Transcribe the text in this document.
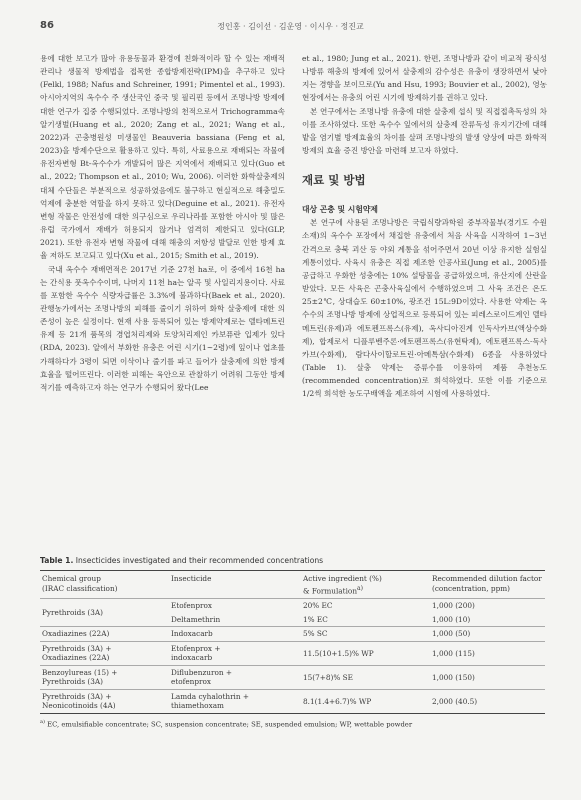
86	정인홍 · 김이선 · 김운영 · 이시우 · 정진교

용에 대한 보고가 많아 유용동물과 환경에 친화적이라 할 수 있는 재배적 관리나 생물적 방제법을 접목한 종합방제전략(IPM)을 추구하고 있다(Felkl, 1988; Nafus and Schreiner, 1991; Pimentel et al., 1993). 아시아지역의 옥수수 주 생산국인 중국 및 필리핀 등에서 조명나방 방제에 대한 연구가 집중 수행되었다. 조명나방의 천적으로서 Trichogramma속 알기생벌(Huang et al., 2020; Zang et al., 2021; Wang et al., 2022)과 곤충병원성 미생물인 Beauveria bassiana (Feng et al, 2023)을 방제수단으로 활용하고 있다. 특히, 사료용으로 재배되는 작물에 유전자변형 Bt-옥수수가 개발되어 많은 지역에서 재배되고 있다(Guo et al., 2022; Thompson et al., 2010; Wu, 2006). 이러한 화학살충제의 대체 수단들은 부분적으로 성공하였음에도 불구하고 현실적으로 해충밀도 억제에 충분한 역할을 하지 못하고 있다(Deguine et al., 2021). 유전자 변형 작물은 안전성에 대한 의구심으로 우리나라를 포함한 아시아 및 많은 유럽 국가에서 재배가 허용되지 않거나 엄격히 제한되고 있다(GLP, 2021). 또한 유전자 변형 작물에 대해 해충의 저항성 발달로 인한 방제 효율 저하도 보고되고 있다(Xu et al., 2015; Smith et al., 2019).

국내 옥수수 재배면적은 2017년 기준 27천 ha로, 이 중에서 16천 ha는 간식용 풋옥수수이며, 나머지 11천 ha는 알곡 및 사일리지용이다. 사료를 포함한 옥수수 식량자급률은 3.3%에 불과하다(Baek et al., 2020). 관행농가에서는 조명나방의 피해를 줄이기 위하여 화학 살충제에 대한 의존성이 높은 실정이다. 현재 사용 등록되어 있는 방제약제로는 델타메트린 유제 등 21개 품목의 경엽처리제와 토양처리제인 카보퓨란 입제가 있다(RDA, 2023). 알에서 부화한 유충은 어린 시기(1~2령)에 잎이나 엽초를 가해하다가 3령이 되면 이삭이나 줄기를 파고 들어가 살충제에 의한 방제 효율을 떨어뜨린다. 이러한 피해는 육안으로 관찰하기 어려워 그동안 방제 적기를 예측하고자 하는 연구가 수행되어 왔다(Lee

et al., 1980; Jung et al., 2021). 한편, 조명나방과 같이 비교적 광식성 나방류 해충의 방제에 있어서 살충제의 감수성은 유충이 생장하면서 낮아지는 경향을 보이므로(Yu and Hsu, 1993; Bouvier et al., 2002), 영농현장에서는 유충의 어린 시기에 방제하기를 권하고 있다.

본 연구에서는 조명나방 유충에 대한 살충제 섭식 및 직접접촉독성의 차이를 조사하였다. 또한 옥수수 잎에서의 살충제 잔류독성 유지기간에 대해 밭을 염기별 방제효율의 차이를 살펴 조명나방의 발생 양상에 따른 화학적 방제의 효율 증진 방안을 마련해 보고자 하였다.

재료 및 방법
대상 곤충 및 시험약제

본 연구에 사용된 조명나방은 국립식량과학원 중부작물부(경기도 수원 소재)의 옥수수 포장에서 채집한 유충에서 처음 사육을 시작하여 1~3년 간격으로 충북 괴산 등 야외 계통을 섞어주면서 20년 이상 유지한 실험실 계통이었다. 사육시 유충은 직접 제조한 인공사료(Jung et al., 2005)를 공급하고 우화한 성충에는 10% 설탕물을 공급하였으며, 유산지에 산란을 받았다. 모든 사육은 곤충사육실에서 수행하였으며 그 사육 조건은 온도 25±2℃, 상대습도 60±10%, 광조건 15L:9D이었다. 사용한 약제는 옥수수의 조명나방 방제에 상업적으로 등록되어 있는 피레스로이드계인 델타메트린(유제)과 에토펜프록스(유제), 옥사디아진계 인독사카브(액상수화제), 합제로서 디플루벤주론·에토펜프록스(유현탁제), 에토펜프록스·독사카브(수화제), 람다사이할로트린·아메톡삼(수화제) 6종을 사용하였다(Table 1). 살충 약제는 증류수를 이용하여 제품 추천농도(recommended concentration)로 희석하였다. 또한 이를 기준으로 1/2씩 희석한 농도구배액을 제조하여 시험에 사용하였다.

Table 1. Insecticides investigated and their recommended concentrations
Chemical group
(IRAC classification)	Insecticide	Active ingredient (%)
& Formulation$^{a)}$	Recommended dilution factor
(concentration, ppm)
Pyrethroids (3A)	Etofenprox	20% EC	1,000 (200)
	Deltamethrin	1% EC	1,000 (10)
Oxadiazines (22A)	Indoxacarb	5% SC	1,000 (50)
Pyrethroids (3A) +
Oxadiazines (22A)	Etofenprox +
indoxacarb	11.5(10+1.5)% WP	1,000 (115)
Benzoylureas (15) +
Pyrethroids (3A)	Diflubenzuron +
etofenprox	15(7+8)% SE	1,000 (150)
Pyrethroids (3A) +
Neonicotinoids (4A)	Lamda cyhalothrin +
thiamethoxam	8.1(1.4+6.7)% WP	2,000 (40.5)
$^{a)}$ EC, emulsifiable concentrate; SC, suspension concentrate; SE, suspended emulsion; WP, wettable powder
